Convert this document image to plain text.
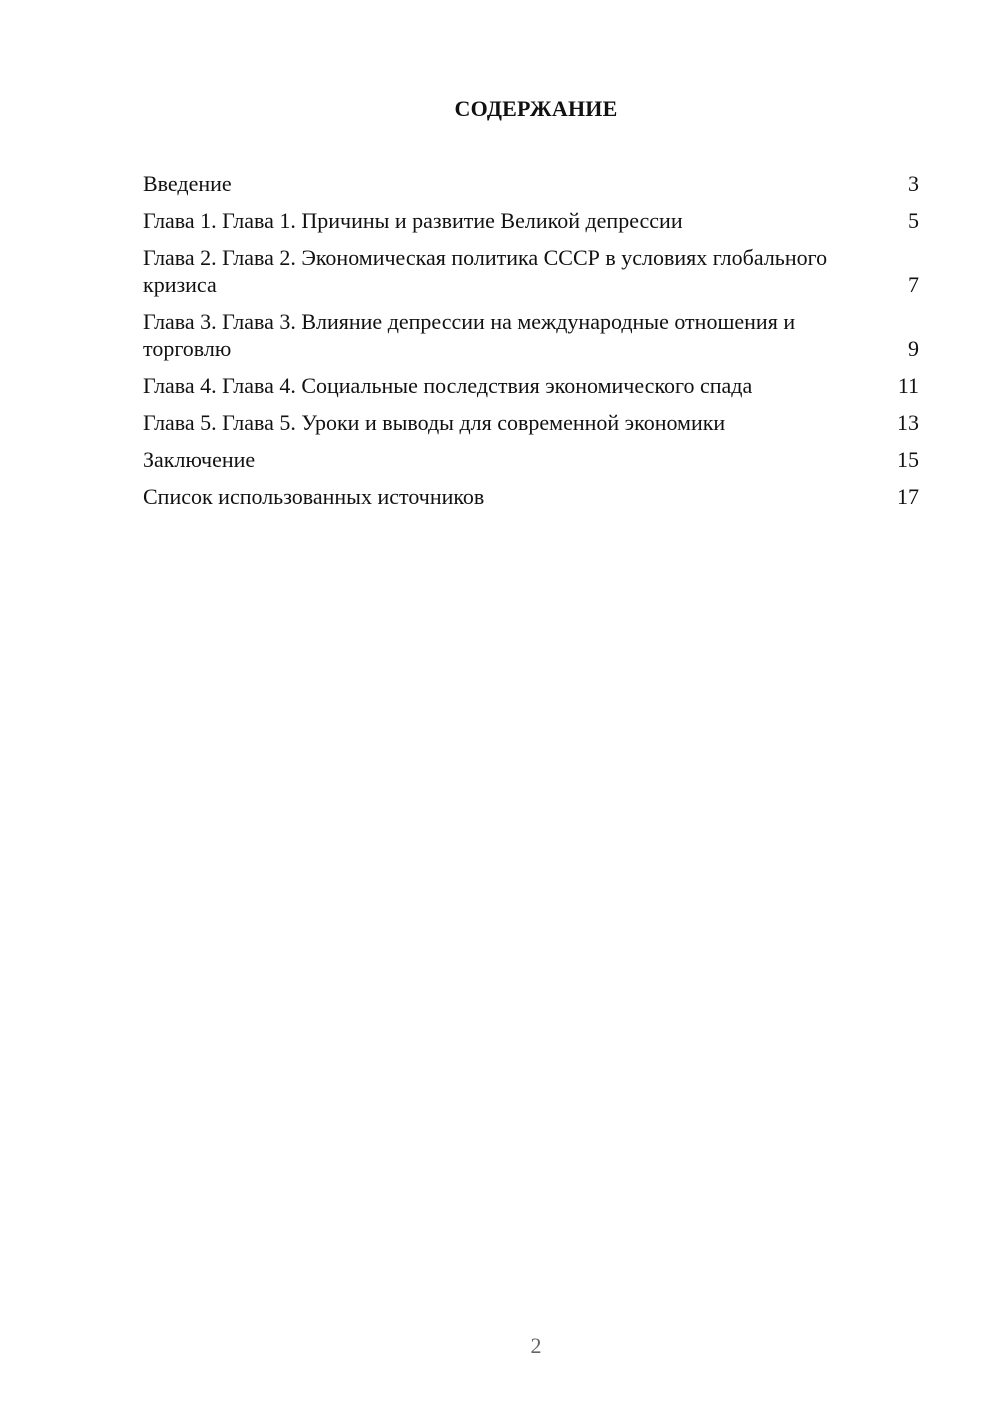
СОДЕРЖАНИЕ
Введение	3
Глава 1. Глава 1. Причины и развитие Великой депрессии	5
Глава 2. Глава 2. Экономическая политика СССР в условиях глобального кризиса	7
Глава 3. Глава 3. Влияние депрессии на международные отношения и торговлю	9
Глава 4. Глава 4. Социальные последствия экономического спада	11
Глава 5. Глава 5. Уроки и выводы для современной экономики	13
Заключение	15
Список использованных источников	17
2
